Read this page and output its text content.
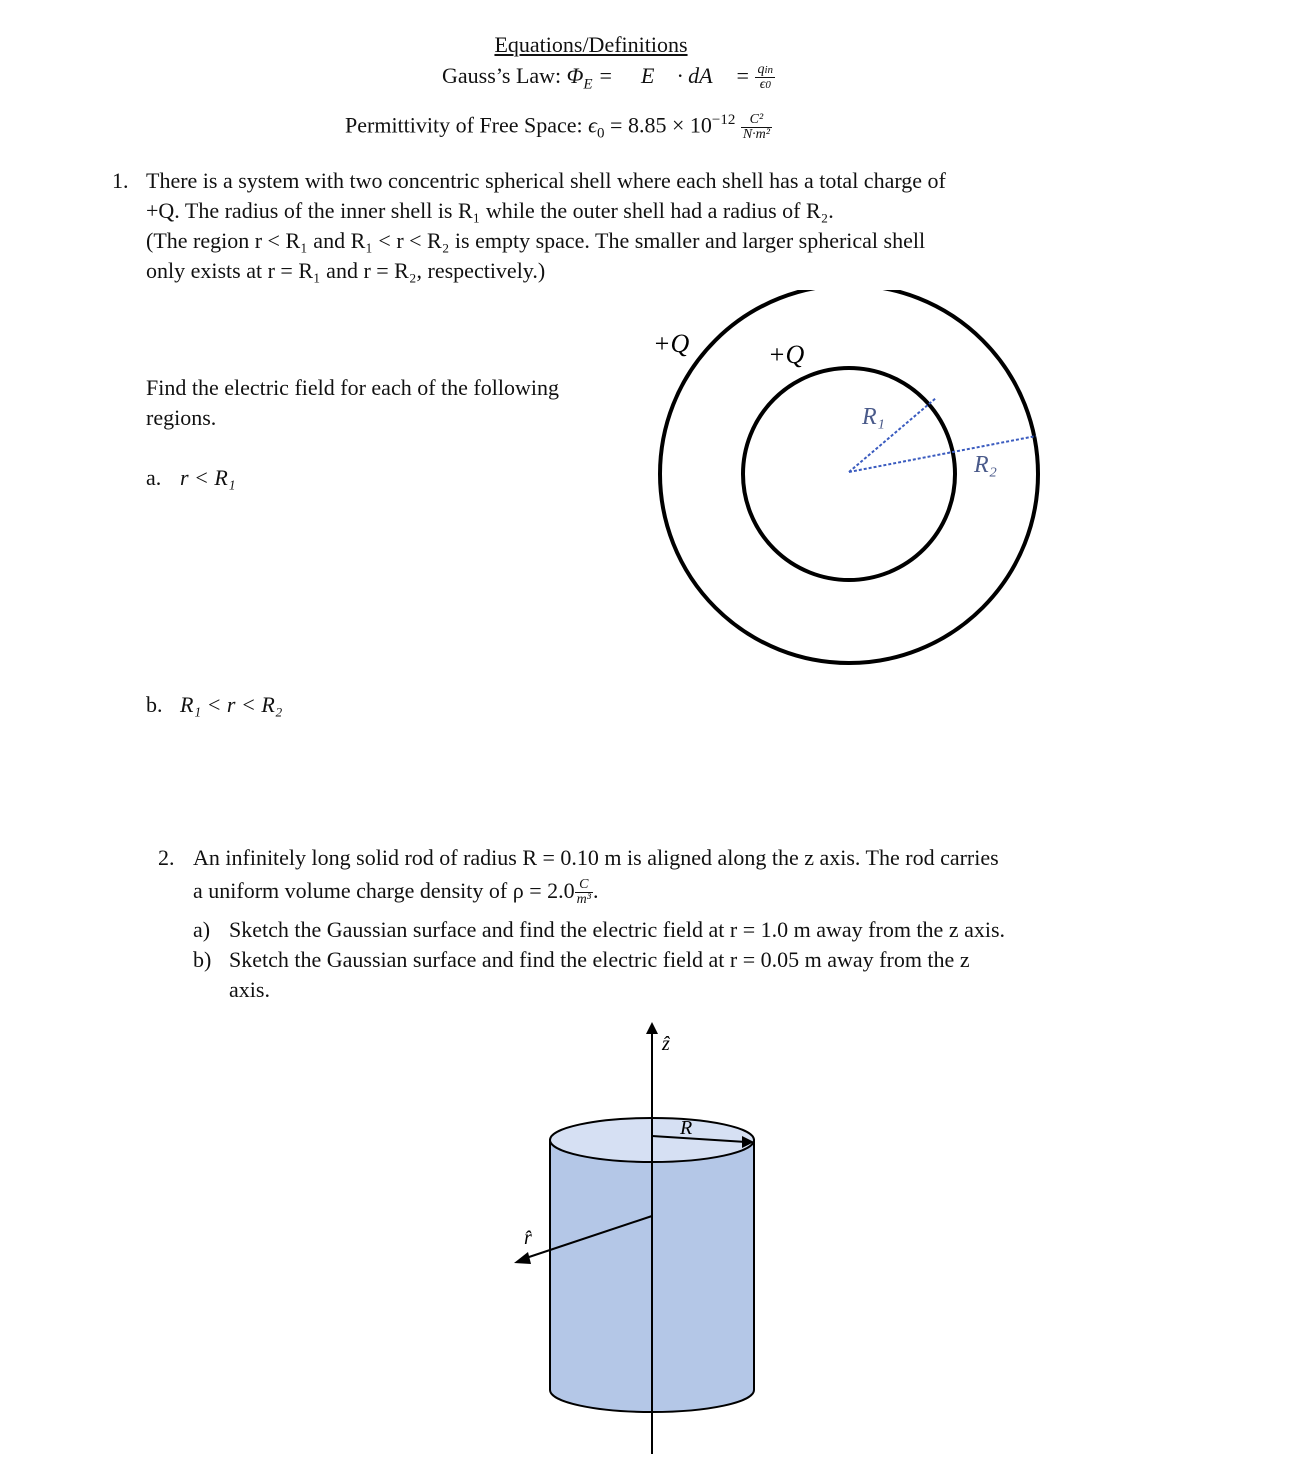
Equations/Definitions
Gauss’s Law: $\Phi_E$ = ∮ E⃗ · dA⃗ = $\frac{\text{qin}}{\epsilon 0}$
Permittivity of Free Space: $\epsilon_0 = 8.85 \times 10^{-12} \frac{\text{C²}}{\text{N·m²}}$
1. There is a system with two concentric spherical shell where each shell has a total charge of
+Q. The radius of the inner shell is R₁ while the outer shell had a radius of R₂.
(The region r < R₁ and R₁ < r < R₂ is empty space. The smaller and larger spherical shell
only exists at r = R₁ and r = R₂, respectively.)
Find the electric field for each of the following
regions.
a. r < R₁
b. R₁ < r < R₂
+Q	+Q
R₁
R₂
2. An infinitely long solid rod of radius R = 0.10 m is aligned along the z axis. The rod carries
a uniform volume charge density of $\rho = 2.0 \frac{C}{\text{m³}}$ .
a) Sketch the Gaussian surface and find the electric field at r = 1.0 m away from the z axis.
b) Sketch the Gaussian surface and find the electric field at r = 0.05 m away from the z
axis.
ẑ
r̂
R
